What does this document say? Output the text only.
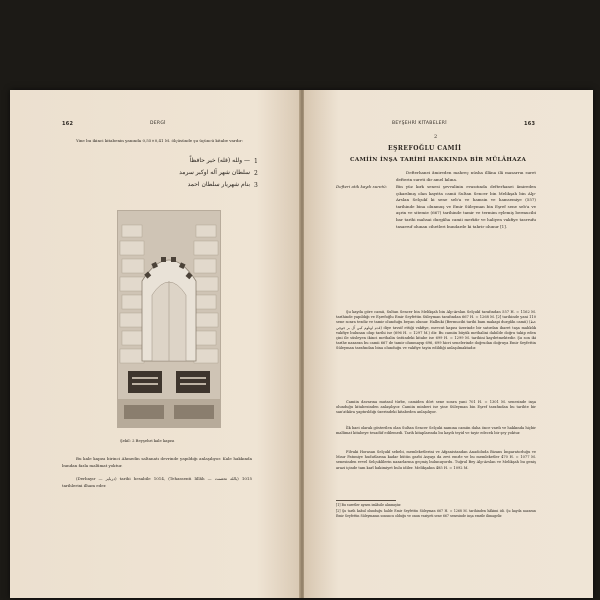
162	DERGİ
Yine bu ikinci kitabenin yanında 0,55×0,41 M. ölçüsünde şu üçüncü kitabe vardır:
1
— ولله (قله) خير حافظاً
2
سلطان شهر آله اوكبر سرمد
3
بنام شهريار سلطان احمد
Şekil: 2 Beyşehri kale kapısı
Bu kale kapısı birinci Ahmedin saltanatı devrinde yapıldığı anlaşılıyor. Kale hakkında bundan fazla malûmat yoktur.
(Derbayır — درباير) tarihi hesabile 1014, (Tehassenti lillâh — بالله تحصنت) 1015 tarihlerini ilham eder.
BEYŞEHRİ KİTABELERİ	163
2
EŞREFOĞLU CAMİİ
CAMİİN İNŞA TARİHİ HAKKINDA BİR MÜLÂHAZA
Defterhanei âmireden mahreç nüsha illâna ilâ masarruı suret defterin sureti dir amel kılına.
Defteri atik kaydı suretü: Bin yüz kırk senesi şevvalinin evasıtında defterhanei âmireden çıkarılmış olan kayıtta camii Sultan Sencer bin Melikşah bin Alp-Arslan Selçukî ki sene seb'a ve hamsin ve hamsemiye (557) tarihinde bina olunmuş ve Emir Süleyman bin Eşref sene seb'a ve aşrin ve sitemie (667) tarihinde tamir ve termim eylemiş bermucibi bar tarihi mahsai durgâha camii merkûr ve haliyen vakfiye tasrrufu tasarruf olunan cihetleri bundarde ki tahrir olunur [1].
Şu kayda göre camii, Sultan Sencer bin Melikşah bin Alp-Arslan Selçukî tarafından 557 H. = 1162 M. tarihinde yapıldığı ve Eşrefoğlu Emir Seyfettin Süleyman tarafından 667 H. = 1268 M. [2] tarihinde yani 110 sene sonra tezdiz ve tamir olunduğu beyan olunur. Halbuki (Bermucibi tarihi bam makapi durgâhı camii) (خط قدم اوتاوم كبي آل بر جوچي) diye tavsif ettiği vakfiye, mevcut kapısı üzerinde bir satırdan ibaret taşa mahkûk vakfiye bulunan olup tarihi ise (696 H. = 1297 M.) dir. Bu camiin büyük methalini dahilde doğru takip eden çini ile süsleyen ikinci methalin üstündeki kitabe ise 699 H. = 1299 M. tarihini kaydetmektedir. Şu son iki tarihe nazaran bu camii 667 de tamir olunmayıp 696, 699 hicri senelerinde doğrudan doğruya Emir Seyfettin Süleyman tarafından bina olunduğu ve vakfiye tayin edildiği anlaşılmaktadır.
Camiin davarına mutasıl türbe, camiden dört sene sonra yani 701 H. = 1301 M. senesinde inşa olunduğu kitabesinden anlaşılıyor. Camiin minberi ise yine Süleyman bin Eşref tarafından bu tarihte bir san'atkâra yaptırıldığı üzerindeki kitabeden anlaşılıyor.
İlk baei olarak gösterilen olan Sultan Sencer Selçuki namına camiin daha önce vardı ve hakkında hiçbir malûmat kitabeye tesadüf edilemedi. Tarih kitaplarında bu kaydı teyid ve tayir edecek bir şey yoktur.
Filvaki Horasan Selçukî sebebi, memleketlerini ve Afganistandan Anadoluda Bizans İmparatorluğu ve Mısır Fatımiye hudutlarına kadar bütün garbi Asyayı da zevi emrle ve bu memleketler 470 H. = 1077 M. senesinden evvel Selçuklilerin nazarlarına geçmiş bulunuyordu. Tuğrul Bey Alp-Arslan ve Melikşah bu geniş arazi içinde tam karl hakimiyet bulu idiler. Melikşahın 485 H. = 1092 M.
[1] Bu suretler aynen imlâsile alınmıştır.
[2] Şu tarih kabul olunduğu halde Emir Seyfettin Süleyman 667 H. = 1268 M. tarihinden hâkimi idi. Şu kayda nazaran Emir Seyfettin Süleymanın sonuncu olduğu ve onun vaziyeti sene 667 senesinde inşa emrile ilimagelir.
